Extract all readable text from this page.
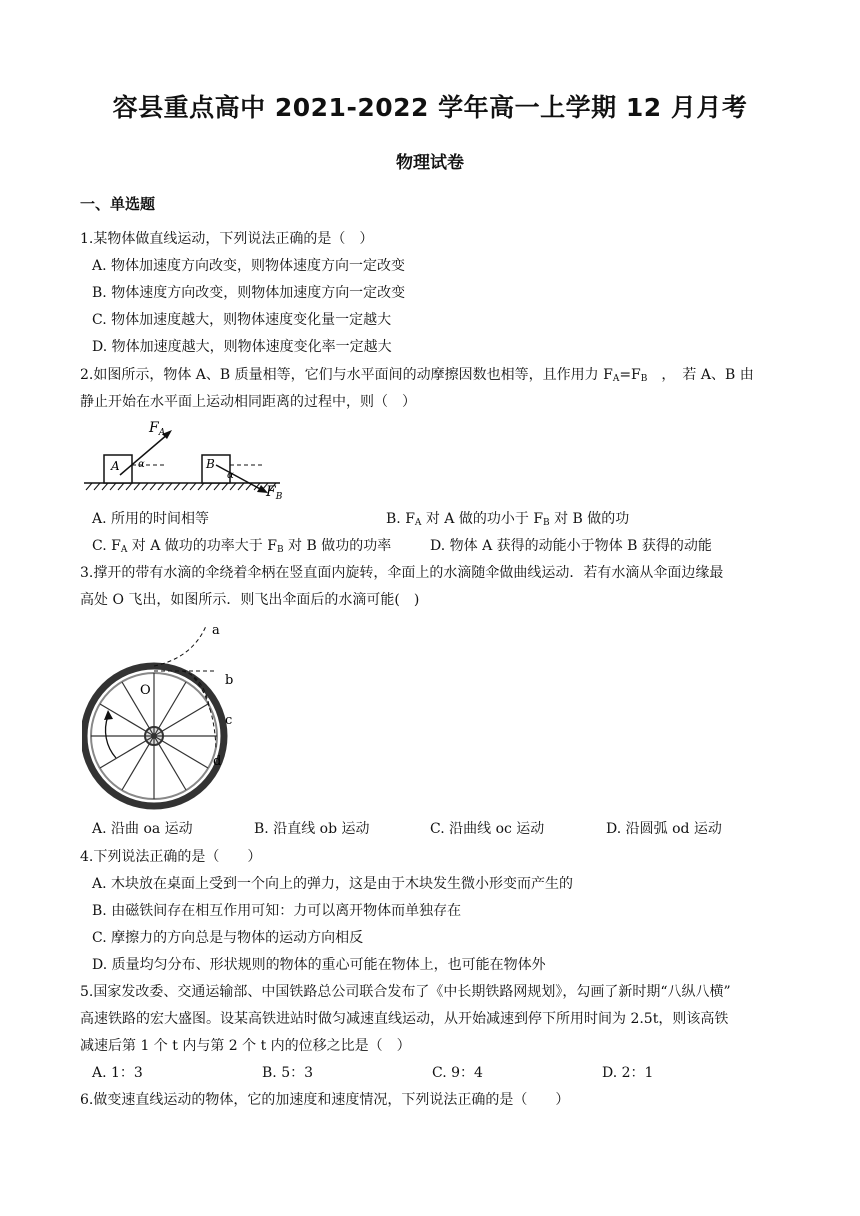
容县重点高中 2021-2022 学年高一上学期 12 月月考
物理试卷
一、单选题
1.某物体做直线运动，下列说法正确的是（　）
A. 物体加速度方向改变，则物体速度方向一定改变
B. 物体速度方向改变，则物体加速度方向一定改变
C. 物体加速度越大，则物体速度变化量一定越大
D. 物体加速度越大，则物体速度变化率一定越大
2.如图所示，物体 A、B 质量相等，它们与水平面间的动摩擦因数也相等，且作用力 $F_A=F_B$　，　若 A、B 由
静止开始在水平面上运动相同距离的过程中，则（　）
A	B
α
α
$F_A$
$F_B$
A. 所用的时间相等	B. $F_A$ 对 A 做的功小于 $F_B$ 对 B 做的功
C. $F_A$ 对 A 做功的功率大于 $F_B$ 对 B 做功的功率	D. 物体 A 获得的动能小于物体 B 获得的动能
3.撑开的带有水滴的伞绕着伞柄在竖直面内旋转，伞面上的水滴随伞做曲线运动．若有水滴从伞面边缘最
高处 O 飞出，如图所示．则飞出伞面后的水滴可能(　)
a
b
c
d
O
A. 沿曲 oa 运动	B. 沿直线 ob 运动	C. 沿曲线 oc 运动	D. 沿圆弧 od 运动
4.下列说法正确的是（　　）
A. 木块放在桌面上受到一个向上的弹力，这是由于木块发生微小形变而产生的
B. 由磁铁间存在相互作用可知：力可以离开物体而单独存在
C. 摩擦力的方向总是与物体的运动方向相反
D. 质量均匀分布、形状规则的物体的重心可能在物体上，也可能在物体外
5.国家发改委、交通运输部、中国铁路总公司联合发布了《中长期铁路网规划》，勾画了新时期“八纵八横”
高速铁路的宏大盛图。设某高铁进站时做匀减速直线运动，从开始减速到停下所用时间为 2.5t，则该高铁
减速后第 1 个 t 内与第 2 个 t 内的位移之比是（　）
A. 1：3	B. 5：3	C. 9：4	D. 2：1
6.做变速直线运动的物体，它的加速度和速度情况，下列说法正确的是（　　）
